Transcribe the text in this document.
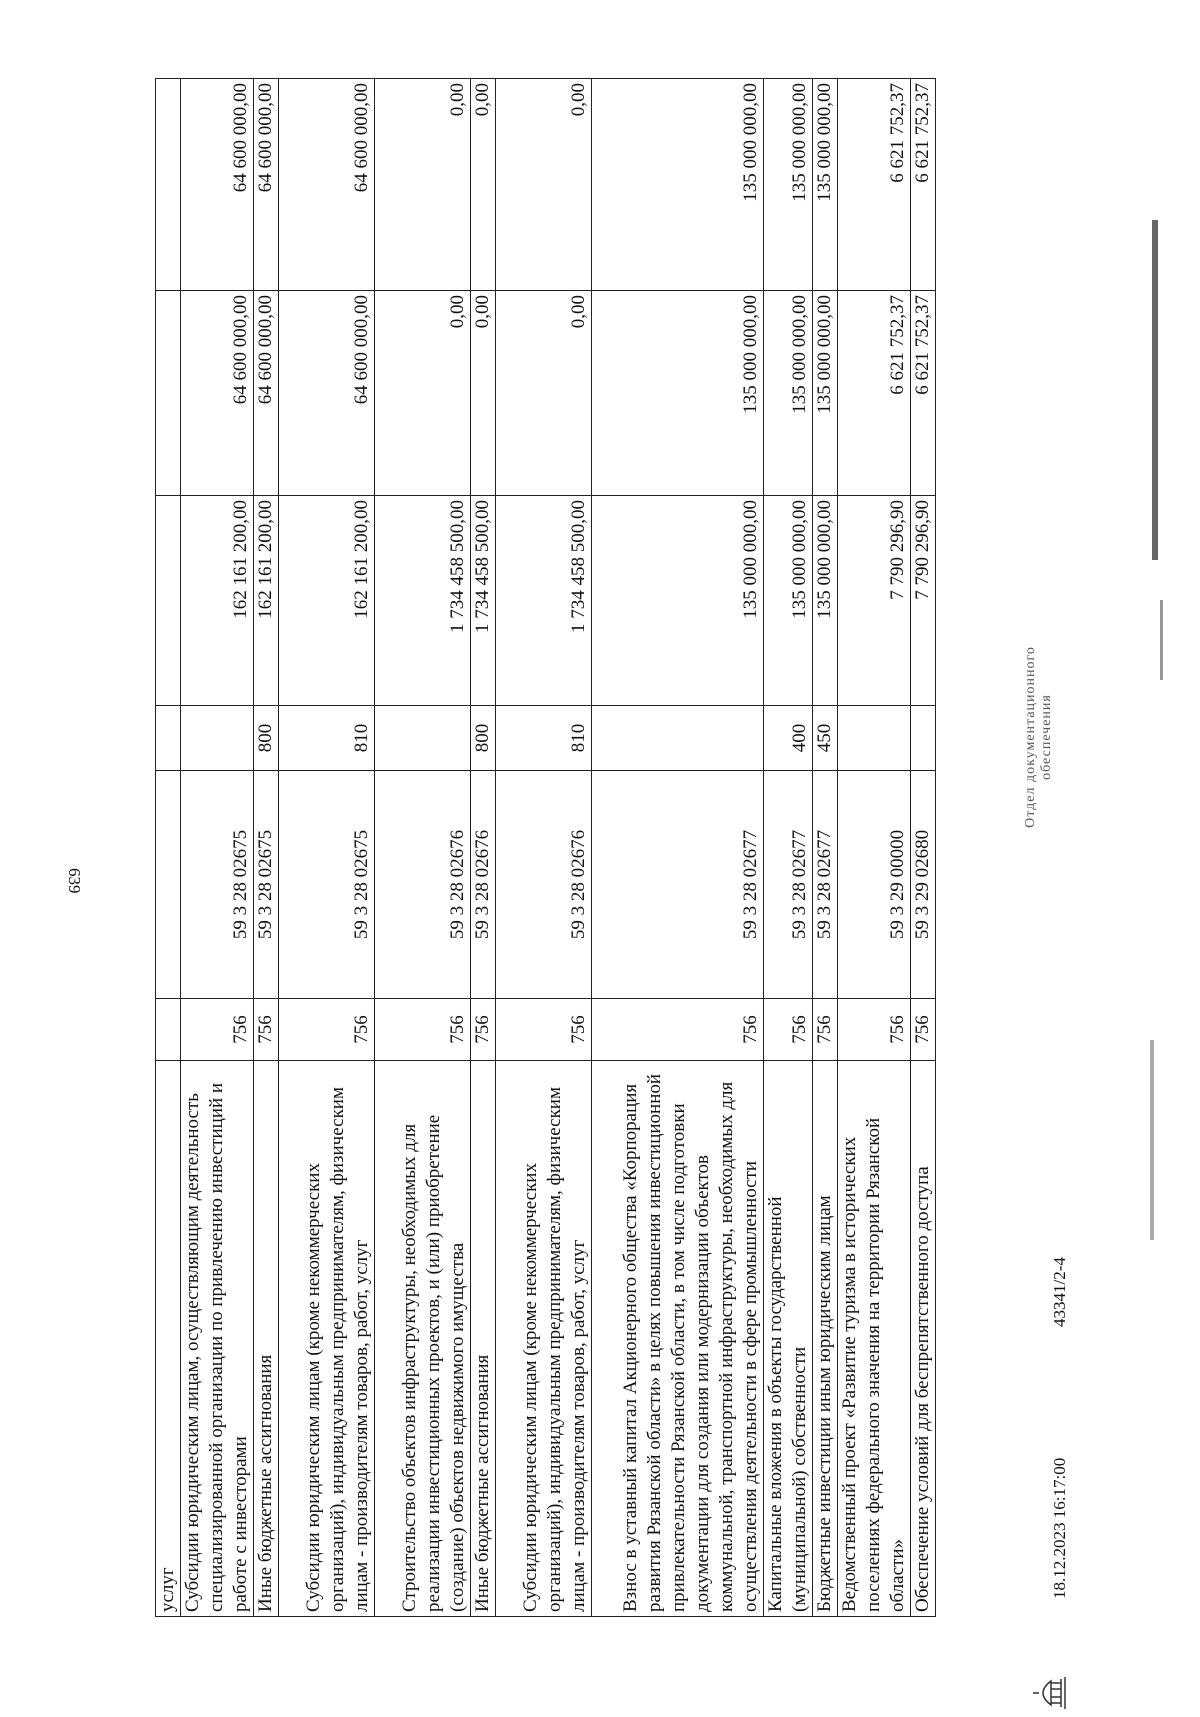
639
услуг						
Субсидии юридическим лицам, осуществляющим деятельность специализированной организации по привлечению инвестиций и работе с инвесторами	756	59 3 28 02675		162 161 200,00	64 600 000,00	64 600 000,00
Иные бюджетные ассигнования	756	59 3 28 02675	800	162 161 200,00	64 600 000,00	64 600 000,00
Субсидии юридическим лицам (кроме некоммерческих организаций), индивидуальным предпринимателям, физическим лицам - производителям товаров, работ, услуг	756	59 3 28 02675	810	162 161 200,00	64 600 000,00	64 600 000,00
Строительство объектов инфраструктуры, необходимых для реализации инвестиционных проектов, и (или) приобретение (создание) объектов недвижимого имущества	756	59 3 28 02676		1 734 458 500,00	0,00	0,00
Иные бюджетные ассигнования	756	59 3 28 02676	800	1 734 458 500,00	0,00	0,00
Субсидии юридическим лицам (кроме некоммерческих организаций), индивидуальным предпринимателям, физическим лицам - производителям товаров, работ, услуг	756	59 3 28 02676	810	1 734 458 500,00	0,00	0,00
Взнос в уставный капитал Акционерного общества «Корпорация развития Рязанской области» в целях повышения инвестиционной привлекательности Рязанской области, в том числе подготовки документации для создания или модернизации объектов коммунальной, транспортной инфраструктуры, необходимых для осуществления деятельности в сфере промышленности	756	59 3 28 02677		135 000 000,00	135 000 000,00	135 000 000,00
Капитальные вложения в объекты государственной (муниципальной) собственности	756	59 3 28 02677	400	135 000 000,00	135 000 000,00	135 000 000,00
Бюджетные инвестиции иным юридическим лицам	756	59 3 28 02677	450	135 000 000,00	135 000 000,00	135 000 000,00
Ведомственный проект «Развитие туризма в исторических поселениях федерального значения на территории Рязанской области»	756	59 3 29 00000		7 790 296,90	6 621 752,37	6 621 752,37
Обеспечение условий для беспрепятственного доступа	756	59 3 29 02680		7 790 296,90	6 621 752,37	6 621 752,37
18.12.2023 16:17:00
43341/2-4
Отдел документационного обеспечения
